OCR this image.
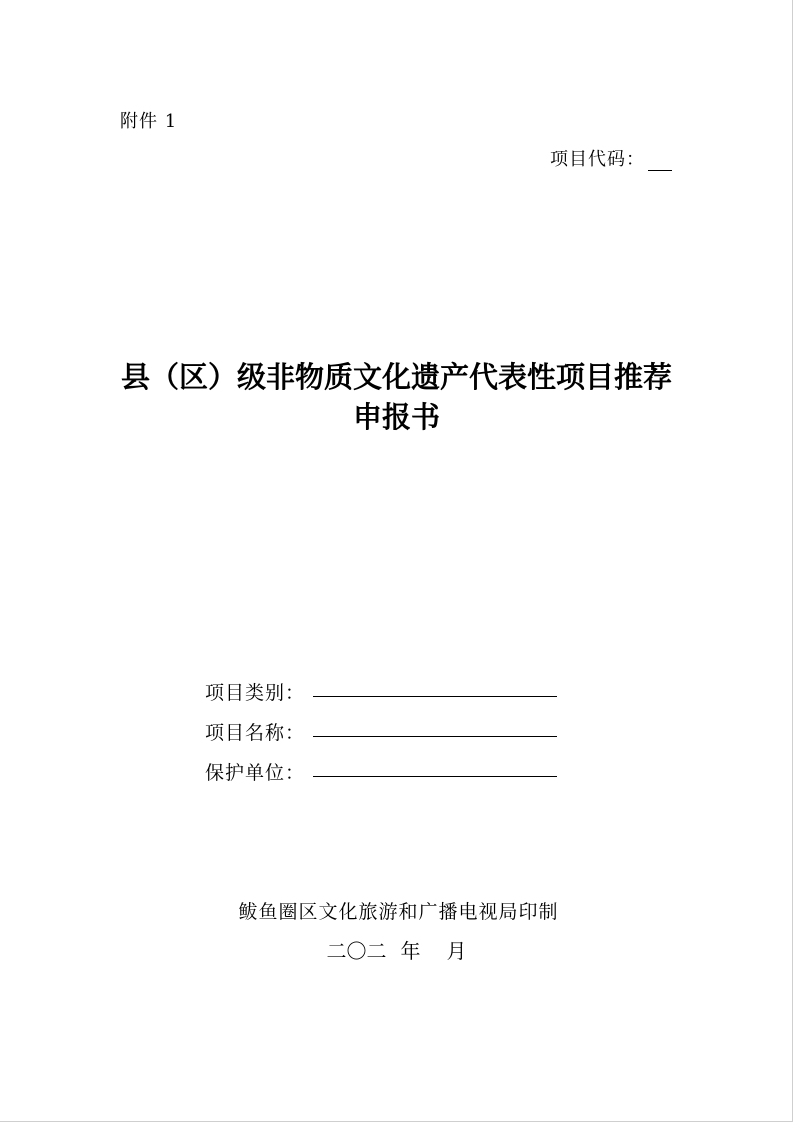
附件 1
项目代码：
县（区）级非物质文化遗产代表性项目推荐
申报书
项目类别：
项目名称：
保护单位：
鲅鱼圈区文化旅游和广播电视局印制
二〇二 年 月
